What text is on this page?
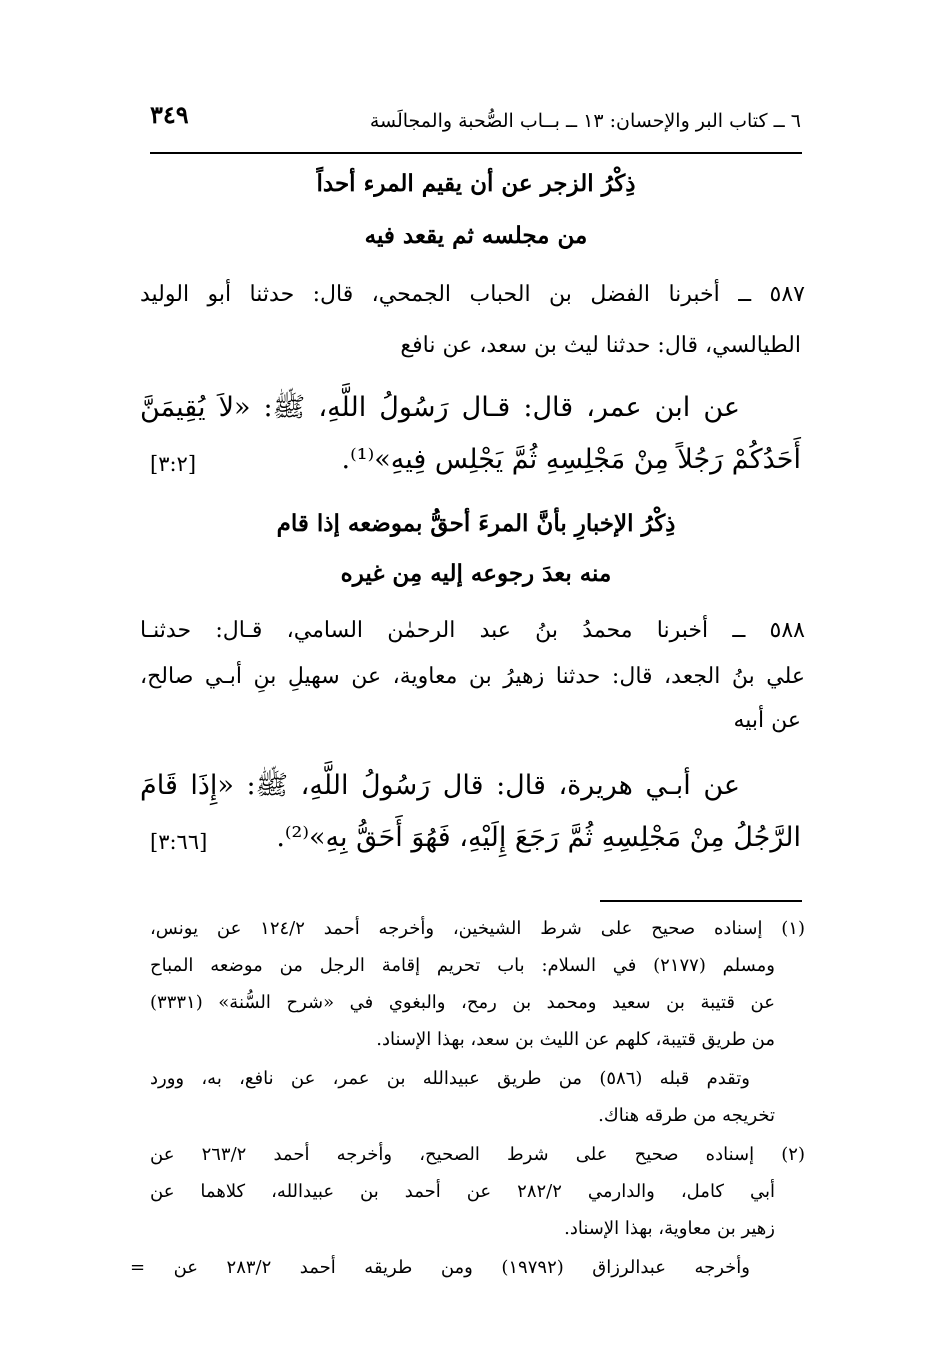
٣٤٩	٦ ــ كتاب البر والإحسان: ١٣ ــ بــاب الصُّحبة والمجالَسة
ذِكْرُ الزجر عن أن يقيم المرء أحداً
من مجلسه ثم يقعد فيه
٥٨٧ ــ أخبرنا الفضل بن الحباب الجمحي، قال: حدثنا أبو الوليد
الطيالسي، قال: حدثنا ليث بن سعد، عن نافع
عن ابن عمر، قال: قـال رَسُولُ اللَّهِ، ﷺ: «لاَ يُقِيمَنَّ
أَحَدُكُمْ رَجُلاً مِنْ مَجْلِسِهِ ثُمَّ يَجْلِس فِيهِ»⁽¹⁾.
[٣:٢]
ذِكْرُ الإخبارِ بأنَّ المرءَ أحقُّ بموضعه إذا قام
منه بعدَ رجوعه إليه مِن غيره
٥٨٨ ــ أخبرنا محمدُ بنُ عبد الرحمٰن السامي، قـال: حدثنـا
علي بنُ الجعد، قال: حدثنا زهيرُ بن معاوية، عن سهيلِ بنِ أبـي صالح،
عن أبيه
عن أبـي هريرة، قال: قال رَسُولُ اللَّهِ، ﷺ: «إِذَا قَامَ
الرَّجُلُ مِنْ مَجْلِسِهِ ثُمَّ رَجَعَ إِلَيْهِ، فَهُوَ أَحَقُّ بِهِ»⁽²⁾.
[٣:٦٦]
(١) إسناده صحيح على شرط الشيخين، وأخرجه أحمد ١٢٤/٢ عن يونس،
ومسلم (٢١٧٧) في السلام: باب تحريم إقامة الرجل من موضعه المباح
عن قتيبة بن سعيد ومحمد بن رمح، والبغوي في «شرح السُّنة» (٣٣٣١)
من طريق قتيبة، كلهم عن الليث بن سعد، بهذا الإسناد.
وتقدم قبله (٥٨٦) من طريق عبيدالله بن عمر، عن نافع، به، وورد
تخريجه من طرقه هناك.
(٢) إسناده صحيح على شرط الصحيح، وأخرجه أحمد ٢٦٣/٢ عن
أبي كامل، والدارمي ٢٨٢/٢ عن أحمد بن عبيدالله، كلاهما عن
زهير بن معاوية، بهذا الإسناد.
وأخرجه عبدالرزاق (١٩٧٩٢) ومن طريقه أحمد ٢٨٣/٢ عن =
